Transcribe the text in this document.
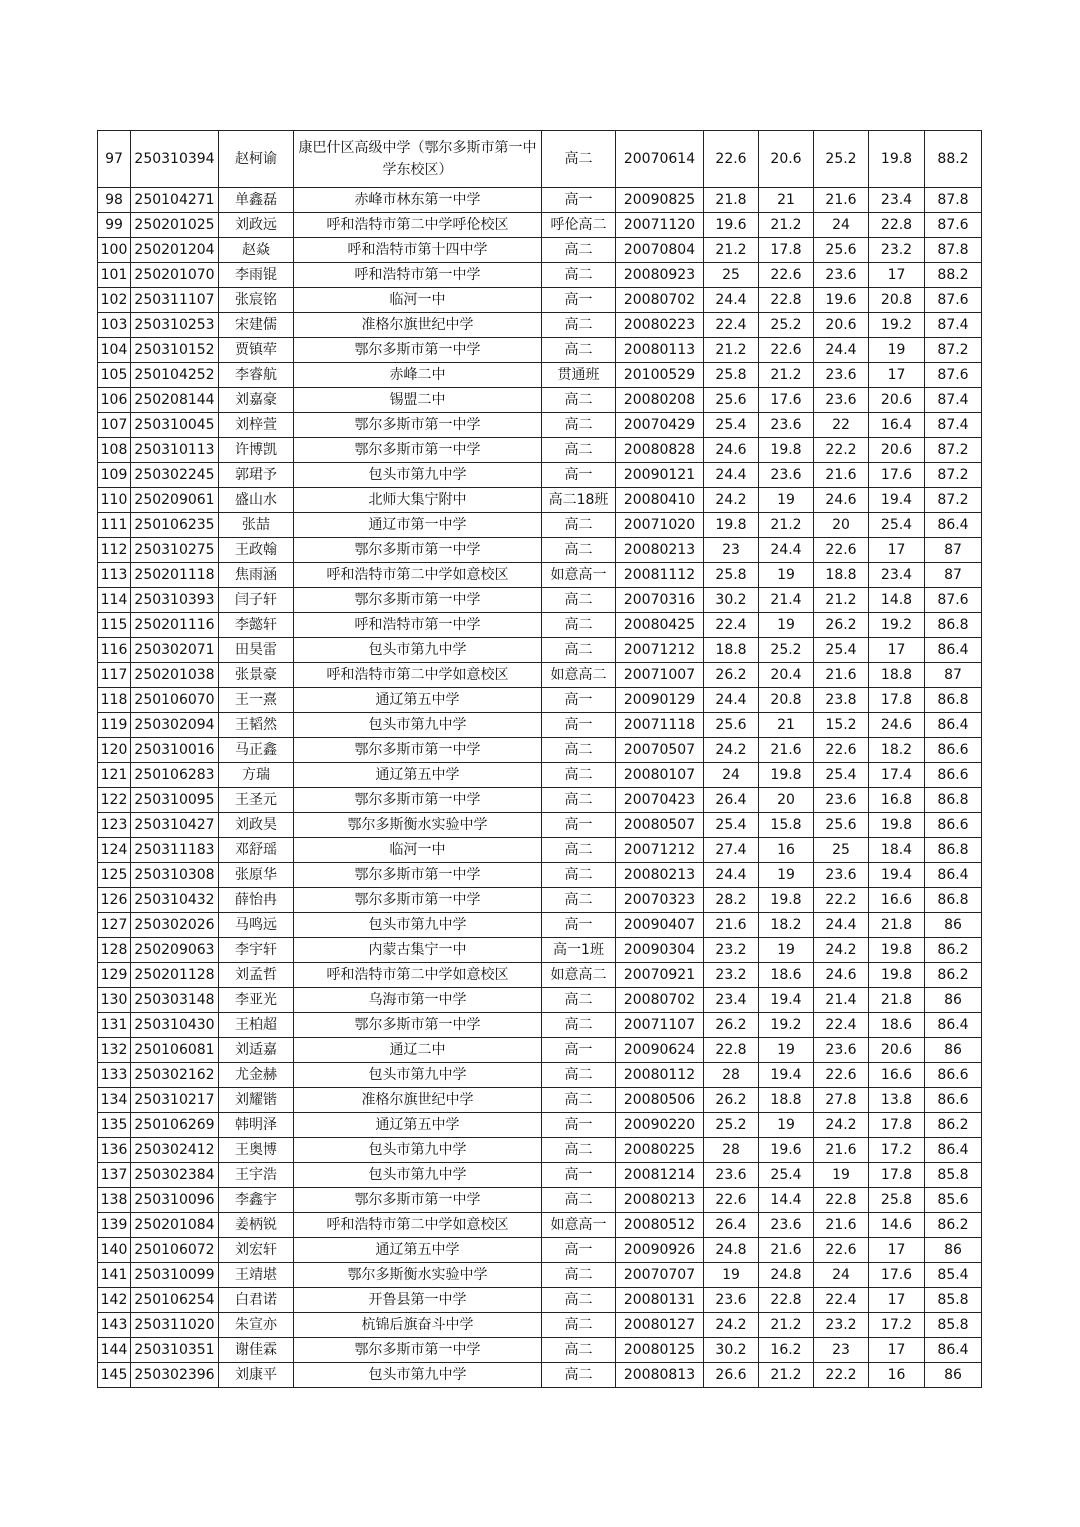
97	250310394	赵柯谕	康巴什区高级中学（鄂尔多斯市第一中学东校区）	高二	20070614	22.6	20.6	25.2	19.8	88.2
98	250104271	单鑫磊	赤峰市林东第一中学	高一	20090825	21.8	21	21.6	23.4	87.8
99	250201025	刘政远	呼和浩特市第二中学呼伦校区	呼伦高二	20071120	19.6	21.2	24	22.8	87.6
100	250201204	赵焱	呼和浩特市第十四中学	高二	20070804	21.2	17.8	25.6	23.2	87.8
101	250201070	李雨锟	呼和浩特市第一中学	高二	20080923	25	22.6	23.6	17	88.2
102	250311107	张宸铭	临河一中	高一	20080702	24.4	22.8	19.6	20.8	87.6
103	250310253	宋建儒	准格尔旗世纪中学	高二	20080223	22.4	25.2	20.6	19.2	87.4
104	250310152	贾镇荦	鄂尔多斯市第一中学	高二	20080113	21.2	22.6	24.4	19	87.2
105	250104252	李睿航	赤峰二中	贯通班	20100529	25.8	21.2	23.6	17	87.6
106	250208144	刘嘉豪	锡盟二中	高二	20080208	25.6	17.6	23.6	20.6	87.4
107	250310045	刘梓萱	鄂尔多斯市第一中学	高二	20070429	25.4	23.6	22	16.4	87.4
108	250310113	许博凯	鄂尔多斯市第一中学	高二	20080828	24.6	19.8	22.2	20.6	87.2
109	250302245	郭珺予	包头市第九中学	高一	20090121	24.4	23.6	21.6	17.6	87.2
110	250209061	盛山水	北师大集宁附中	高二18班	20080410	24.2	19	24.6	19.4	87.2
111	250106235	张喆	通辽市第一中学	高二	20071020	19.8	21.2	20	25.4	86.4
112	250310275	王政翰	鄂尔多斯市第一中学	高二	20080213	23	24.4	22.6	17	87
113	250201118	焦雨涵	呼和浩特市第二中学如意校区	如意高一	20081112	25.8	19	18.8	23.4	87
114	250310393	闫子轩	鄂尔多斯市第一中学	高二	20070316	30.2	21.4	21.2	14.8	87.6
115	250201116	李懿轩	呼和浩特市第一中学	高二	20080425	22.4	19	26.2	19.2	86.8
116	250302071	田昊雷	包头市第九中学	高二	20071212	18.8	25.2	25.4	17	86.4
117	250201038	张景豪	呼和浩特市第二中学如意校区	如意高二	20071007	26.2	20.4	21.6	18.8	87
118	250106070	王一熹	通辽第五中学	高一	20090129	24.4	20.8	23.8	17.8	86.8
119	250302094	王韬然	包头市第九中学	高一	20071118	25.6	21	15.2	24.6	86.4
120	250310016	马正鑫	鄂尔多斯市第一中学	高二	20070507	24.2	21.6	22.6	18.2	86.6
121	250106283	方瑞	通辽第五中学	高二	20080107	24	19.8	25.4	17.4	86.6
122	250310095	王圣元	鄂尔多斯市第一中学	高二	20070423	26.4	20	23.6	16.8	86.8
123	250310427	刘政昊	鄂尔多斯衡水实验中学	高一	20080507	25.4	15.8	25.6	19.8	86.6
124	250311183	邓舒瑶	临河一中	高二	20071212	27.4	16	25	18.4	86.8
125	250310308	张原华	鄂尔多斯市第一中学	高二	20080213	24.4	19	23.6	19.4	86.4
126	250310432	薛怡冉	鄂尔多斯市第一中学	高二	20070323	28.2	19.8	22.2	16.6	86.8
127	250302026	马鸣远	包头市第九中学	高一	20090407	21.6	18.2	24.4	21.8	86
128	250209063	李宇轩	内蒙古集宁一中	高一1班	20090304	23.2	19	24.2	19.8	86.2
129	250201128	刘孟哲	呼和浩特市第二中学如意校区	如意高二	20070921	23.2	18.6	24.6	19.8	86.2
130	250303148	李亚光	乌海市第一中学	高二	20080702	23.4	19.4	21.4	21.8	86
131	250310430	王柏超	鄂尔多斯市第一中学	高二	20071107	26.2	19.2	22.4	18.6	86.4
132	250106081	刘适嘉	通辽二中	高一	20090624	22.8	19	23.6	20.6	86
133	250302162	尤金赫	包头市第九中学	高二	20080112	28	19.4	22.6	16.6	86.6
134	250310217	刘耀锴	准格尔旗世纪中学	高二	20080506	26.2	18.8	27.8	13.8	86.6
135	250106269	韩明泽	通辽第五中学	高一	20090220	25.2	19	24.2	17.8	86.2
136	250302412	王奥博	包头市第九中学	高二	20080225	28	19.6	21.6	17.2	86.4
137	250302384	王宇浩	包头市第九中学	高一	20081214	23.6	25.4	19	17.8	85.8
138	250310096	李鑫宇	鄂尔多斯市第一中学	高二	20080213	22.6	14.4	22.8	25.8	85.6
139	250201084	姜柄锐	呼和浩特市第二中学如意校区	如意高一	20080512	26.4	23.6	21.6	14.6	86.2
140	250106072	刘宏轩	通辽第五中学	高一	20090926	24.8	21.6	22.6	17	86
141	250310099	王靖堪	鄂尔多斯衡水实验中学	高二	20070707	19	24.8	24	17.6	85.4
142	250106254	白君诺	开鲁县第一中学	高二	20080131	23.6	22.8	22.4	17	85.8
143	250311020	朱宣亦	杭锦后旗奋斗中学	高二	20080127	24.2	21.2	23.2	17.2	85.8
144	250310351	谢佳霖	鄂尔多斯市第一中学	高二	20080125	30.2	16.2	23	17	86.4
145	250302396	刘康平	包头市第九中学	高二	20080813	26.6	21.2	22.2	16	86
